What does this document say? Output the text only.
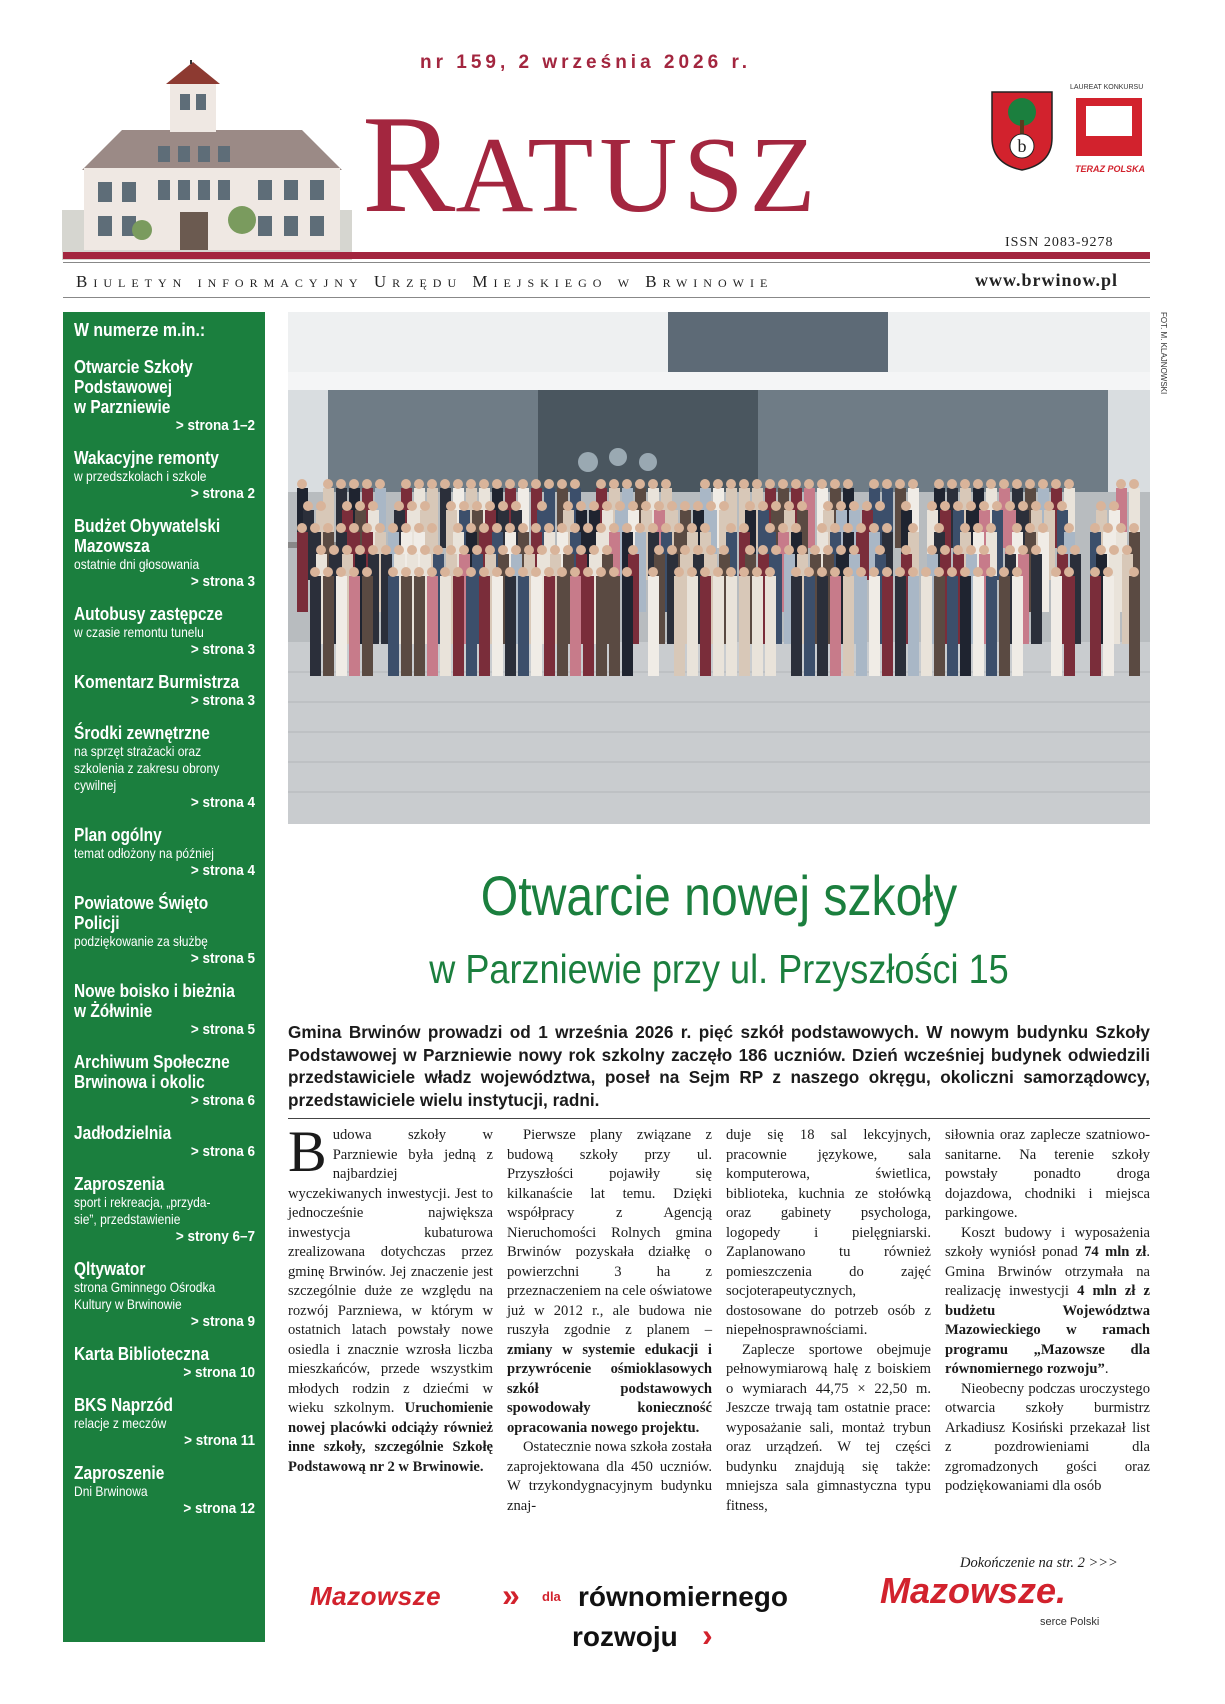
nr 159, 2 września 2026 r.
RATUSZ	b
LAUREAT KONKURSU
TERAZ POLSKA
ISSN 2083-9278
Biuletyn informacyjny Urzędu Miejskiego w Brwinowie	www.brwinow.pl
W numerze m.in.:
Otwarcie Szkoły
Podstawowej
w Parzniewie
> strona 1–2
Wakacyjne remonty
w przedszkolach i szkole
> strona 2
Budżet Obywatelski
Mazowsza
ostatnie dni głosowania
> strona 3
Autobusy zastępcze
w czasie remontu tunelu
> strona 3
Komentarz Burmistrza
> strona 3
Środki zewnętrzne
na sprzęt strażacki oraz
szkolenia z zakresu obrony
cywilnej
> strona 4
Plan ogólny
temat odłożony na później
> strona 4
Powiatowe Święto
Policji
podziękowanie za służbę
> strona 5
Nowe boisko i bieżnia
w Żółwinie
> strona 5
Archiwum Społeczne
Brwinowa i okolic
> strona 6
Jadłodzielnia
> strona 6
Zaproszenia
sport i rekreacja, „przyda-
sie”, przedstawienie
> strony 6–7
Qltywator
strona Gminnego Ośrodka
Kultury w Brwinowie
> strona 9
Karta Biblioteczna
> strona 10
BKS Naprzód
relacje z meczów
> strona 11
Zaproszenie
Dni Brwinowa
> strona 12
FOT. M. KLAJNOWSKI
Otwarcie nowej szkoły
w Parzniewie przy ul. Przyszłości 15
Gmina Brwinów prowadzi od 1 września 2026 r. pięć szkół podstawowych. W nowym budynku Szkoły Podstawowej w Parzniewie nowy rok szkolny zaczęło 186 uczniów. Dzień wcześniej budynek odwiedzili przedstawiciele władz województwa, poseł na Sejm RP z naszego okręgu, okoliczni samorządowcy, przedstawiciele wielu instytucji, radni.

Budowa szkoły w Parzniewie była jedną z najbardziej wyczekiwanych inwestycji. Jest to jednocześnie największa inwestycja kubaturowa zrealizowana dotychczas przez gminę Brwinów. Jej znaczenie jest szczególnie duże ze względu na rozwój Parzniewa, w którym w ostatnich latach powstały nowe osiedla i znacznie wzrosła liczba mieszkańców, przede wszystkim młodych rodzin z dziećmi w wieku szkolnym. Uruchomienie nowej placówki odciąży również inne szkoły, szczególnie Szkołę Podstawową nr 2 w Brwinowie.

Pierwsze plany związane z budową szkoły przy ul. Przyszłości pojawiły się kilkanaście lat temu. Dzięki współpracy z Agencją Nieruchomości Rolnych gmina Brwinów pozyskała działkę o powierzchni 3 ha z przeznaczeniem na cele oświatowe już w 2012 r., ale budowa nie ruszyła zgodnie z planem – zmiany w systemie edukacji i przywrócenie ośmioklasowych szkół podstawowych spowodowały konieczność opracowania nowego projektu.

Ostatecznie nowa szkoła została zaprojektowana dla 450 uczniów. W trzykondygnacyjnym budynku znaj-

duje się 18 sal lekcyjnych, pracownie językowe, sala komputerowa, świetlica, biblioteka, kuchnia ze stołówką oraz gabinety psychologa, logopedy i pielęgniarski. Zaplanowano tu również pomieszczenia do zajęć socjoterapeutycznych, dostosowane do potrzeb osób z niepełnosprawnościami.

Zaplecze sportowe obejmuje pełnowymiarową halę z boiskiem o wymiarach 44,75 × 22,50 m. Jeszcze trwają tam ostatnie prace: wyposażanie sali, montaż trybun oraz urządzeń. W tej części budynku znajdują się także: mniejsza sala gimnastyczna typu fitness,

siłownia oraz zaplecze szatniowo-sanitarne. Na terenie szkoły powstały ponadto droga dojazdowa, chodniki i miejsca parkingowe.

Koszt budowy i wyposażenia szkoły wyniósł ponad 74 mln zł. Gmina Brwinów otrzymała na realizację inwestycji 4 mln zł z budżetu Województwa Mazowieckiego w ramach programu „Mazowsze dla równomiernego rozwoju”.

Nieobecny podczas uroczystego otwarcia szkoły burmistrz Arkadiusz Kosiński przekazał list z pozdrowieniami dla zgromadzonych gości oraz podziękowaniami dla osób

Dokończenie na str. 2 >>>
Mazowsze » dla równomiernego
rozwoju ›
Mazowsze.
serce Polski
